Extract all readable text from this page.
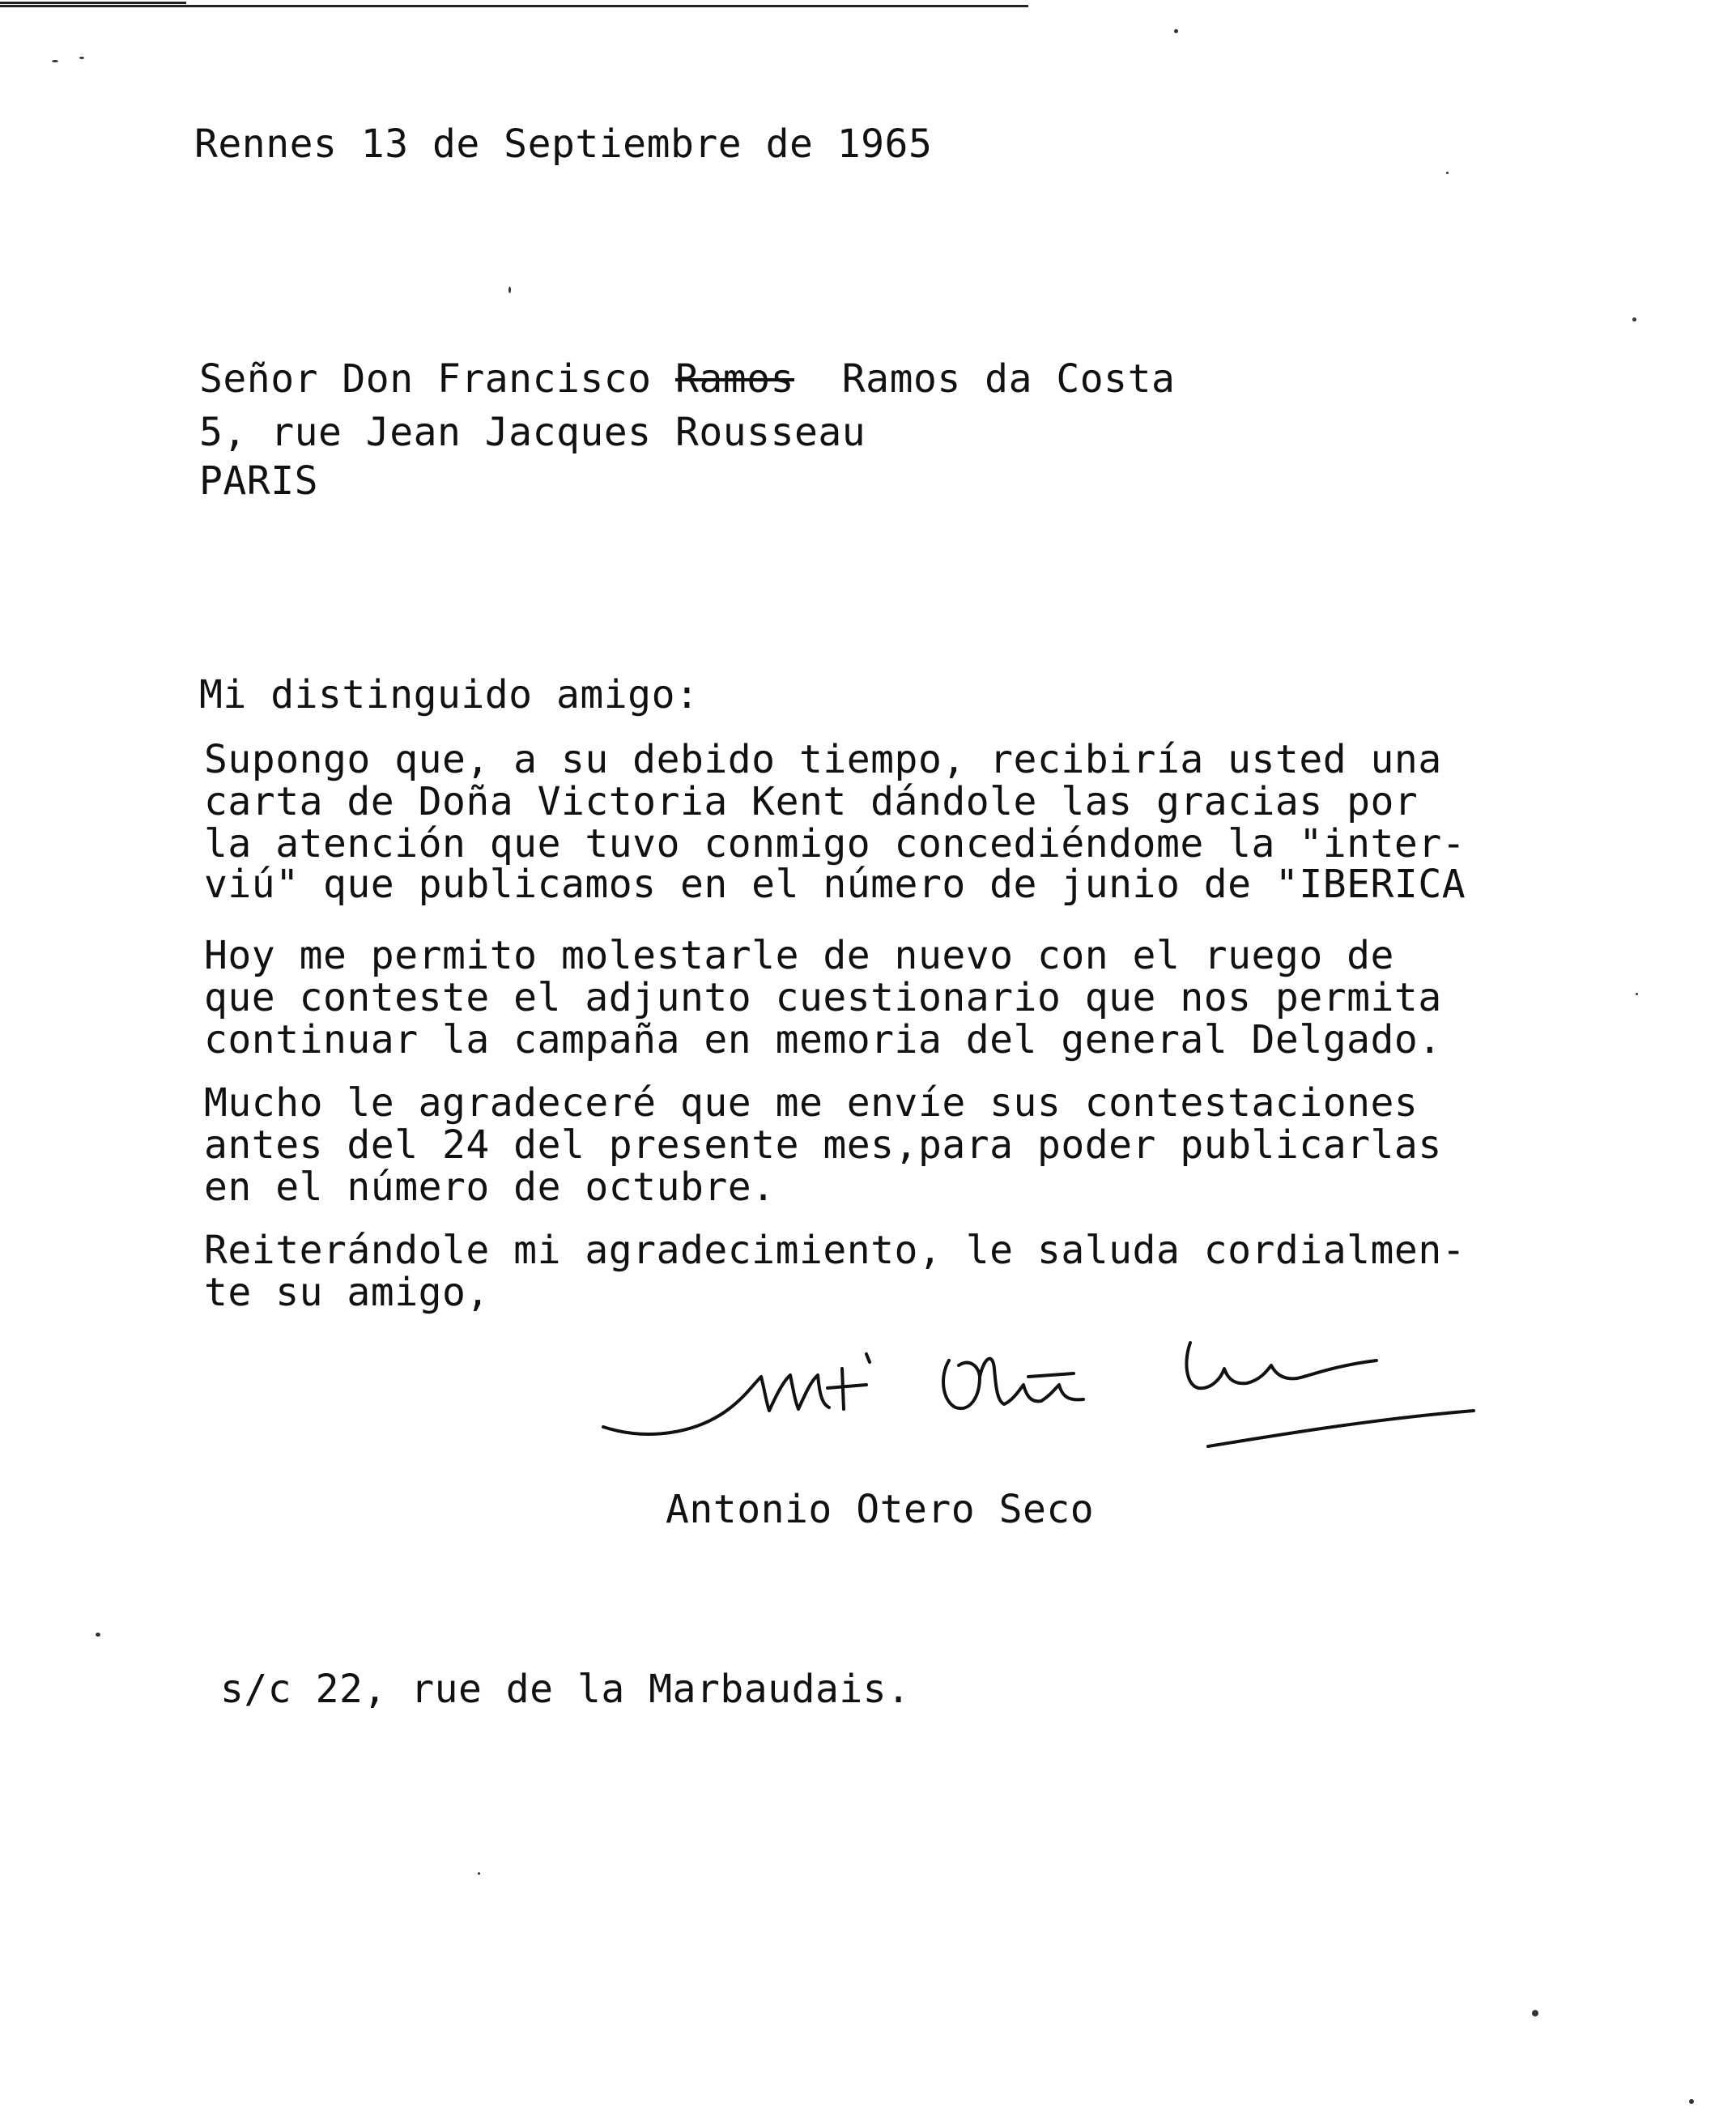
Rennes 13 de Septiembre de 1965
Señor Don Francisco Ramos Ramos da Costa
5, rue Jean Jacques Rousseau
PARIS
Mi distinguido amigo:
Supongo que, a su debido tiempo, recibiría usted una
carta de Doña Victoria Kent dándole las gracias por
la atención que tuvo conmigo concediéndome la "inter-
viú" que publicamos en el número de junio de "IBERICA
Hoy me permito molestarle de nuevo con el ruego de
que conteste el adjunto cuestionario que nos permita
continuar la campaña en memoria del general Delgado.
Mucho le agradeceré que me envíe sus contestaciones
antes del 24 del presente mes,para poder publicarlas
en el número de octubre.
Reiterándole mi agradecimiento, le saluda cordialmen-
te su amigo,
Antonio Otero Seco
s/c 22, rue de la Marbaudais.
